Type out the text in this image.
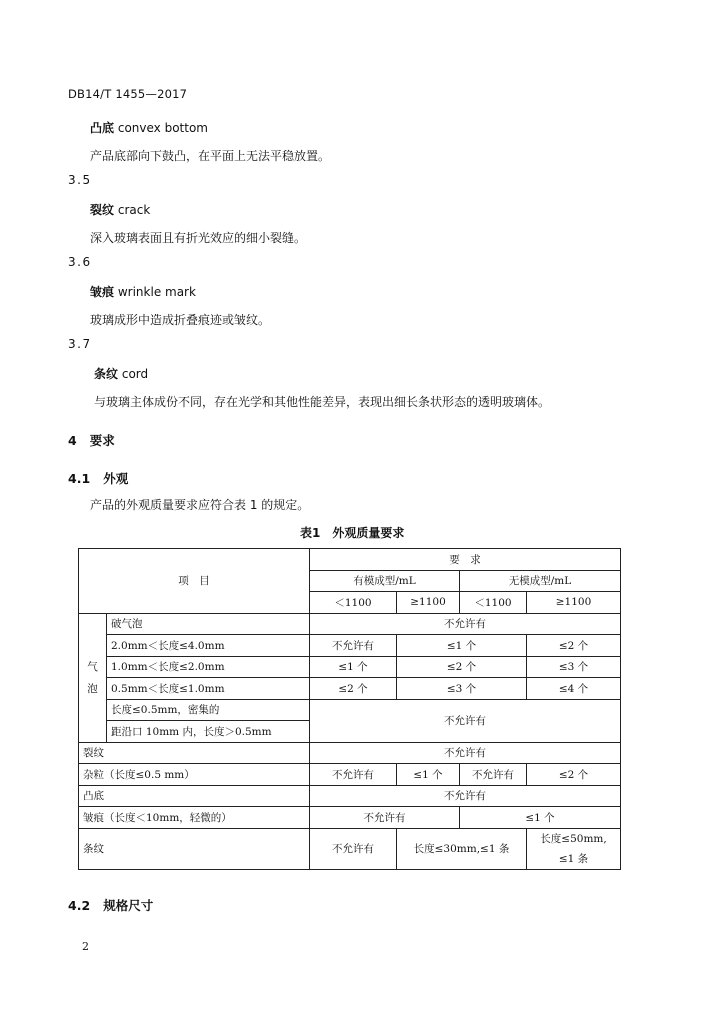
DB14/T 1455—2017
凸底 convex bottom
产品底部向下鼓凸，在平面上无法平稳放置。
3.5
裂纹 crack
深入玻璃表面且有折光效应的细小裂缝。
3.6
皱痕 wrinkle mark
玻璃成形中造成折叠痕迹或皱纹。
3.7
条纹 cord
与玻璃主体成份不同，存在光学和其他性能差异，表现出细长条状形态的透明玻璃体。
4 要求
4.1 外观
产品的外观质量要求应符合表 1 的规定。
表1　外观质量要求
项　目		要　求			
		有模成型/mL		无模成型/mL	
		＜1100	≥1100	＜1100	≥1100
气泡	破气泡	不允许有			
	2.0mm＜长度≤4.0mm	不允许有	≤1 个		≤2 个
	1.0mm＜长度≤2.0mm	≤1 个	≤2 个		≤3 个
	0.5mm＜长度≤1.0mm	≤2 个	≤3 个		≤4 个
	长度≤0.5mm，密集的	不允许有			
	距沿口 10mm 内，长度＞0.5mm				
裂纹		不允许有			
杂粒（长度≤0.5 mm）		不允许有	≤1 个	不允许有	≤2 个
凸底		不允许有			
皱痕（长度＜10mm，轻微的）		不允许有		≤1 个	
条纹		不允许有	长度≤30mm,≤1 条		长度≤50mm,
≤1 条
4.2 规格尺寸
2
